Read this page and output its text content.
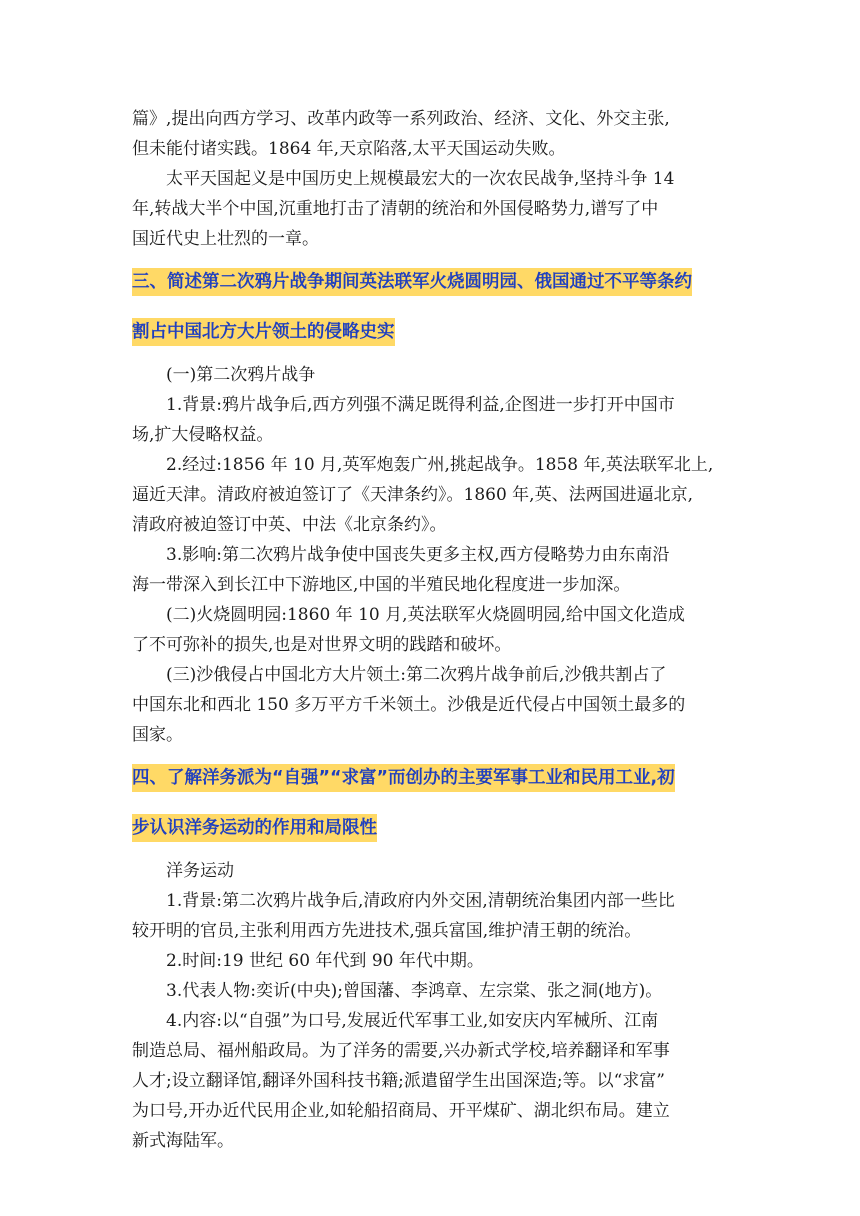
篇》,提出向西方学习、改革内政等一系列政治、经济、文化、外交主张,

但未能付诸实践。1864 年,天京陷落,太平天国运动失败。

太平天国起义是中国历史上规模最宏大的一次农民战争,坚持斗争 14

年,转战大半个中国,沉重地打击了清朝的统治和外国侵略势力,谱写了中

国近代史上壮烈的一章。

三、简述第二次鸦片战争期间英法联军火烧圆明园、俄国通过不平等条约
割占中国北方大片领土的侵略史实

(一)第二次鸦片战争

1.背景:鸦片战争后,西方列强不满足既得利益,企图进一步打开中国市

场,扩大侵略权益。

2.经过:1856 年 10 月,英军炮轰广州,挑起战争。1858 年,英法联军北上,

逼近天津。清政府被迫签订了《天津条约》。1860 年,英、法两国进逼北京,

清政府被迫签订中英、中法《北京条约》。

3.影响:第二次鸦片战争使中国丧失更多主权,西方侵略势力由东南沿

海一带深入到长江中下游地区,中国的半殖民地化程度进一步加深。

(二)火烧圆明园:1860 年 10 月,英法联军火烧圆明园,给中国文化造成

了不可弥补的损失,也是对世界文明的践踏和破坏。

(三)沙俄侵占中国北方大片领土:第二次鸦片战争前后,沙俄共割占了

中国东北和西北 150 多万平方千米领土。沙俄是近代侵占中国领土最多的

国家。

四、了解洋务派为“自强”“求富”而创办的主要军事工业和民用工业,初
步认识洋务运动的作用和局限性

洋务运动

1.背景:第二次鸦片战争后,清政府内外交困,清朝统治集团内部一些比

较开明的官员,主张利用西方先进技术,强兵富国,维护清王朝的统治。

2.时间:19 世纪 60 年代到 90 年代中期。

3.代表人物:奕䜣(中央);曾国藩、李鸿章、左宗棠、张之洞(地方)。

4.内容:以“自强”为口号,发展近代军事工业,如安庆内军械所、江南

制造总局、福州船政局。为了洋务的需要,兴办新式学校,培养翻译和军事

人才;设立翻译馆,翻译外国科技书籍;派遣留学生出国深造;等。以“求富”

为口号,开办近代民用企业,如轮船招商局、开平煤矿、湖北织布局。建立

新式海陆军。
